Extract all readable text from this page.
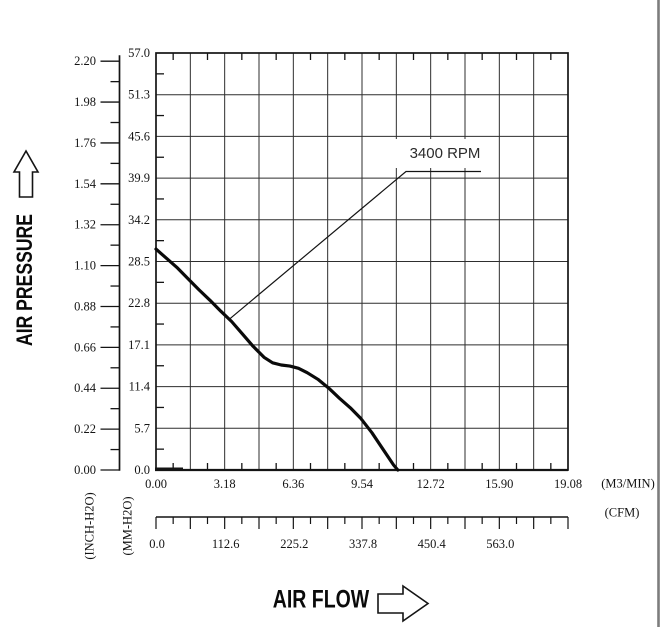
57.0
51.3
45.6
39.9
34.2
28.5
22.8
17.1
11.4
5.7
0.0
2.20
1.98
1.76
1.54
1.32
1.10
0.88
0.66
0.44
0.22
0.00
0.00	3.18	6.36	9.54	12.72	15.90	19.08
0.0	112.6	225.2	337.8	450.4	563.0
3400 RPM
AIR PRESSURE
AIR FLOW
(INCH-H2O) (MM-H2O)
(M3/MIN)
(CFM)
